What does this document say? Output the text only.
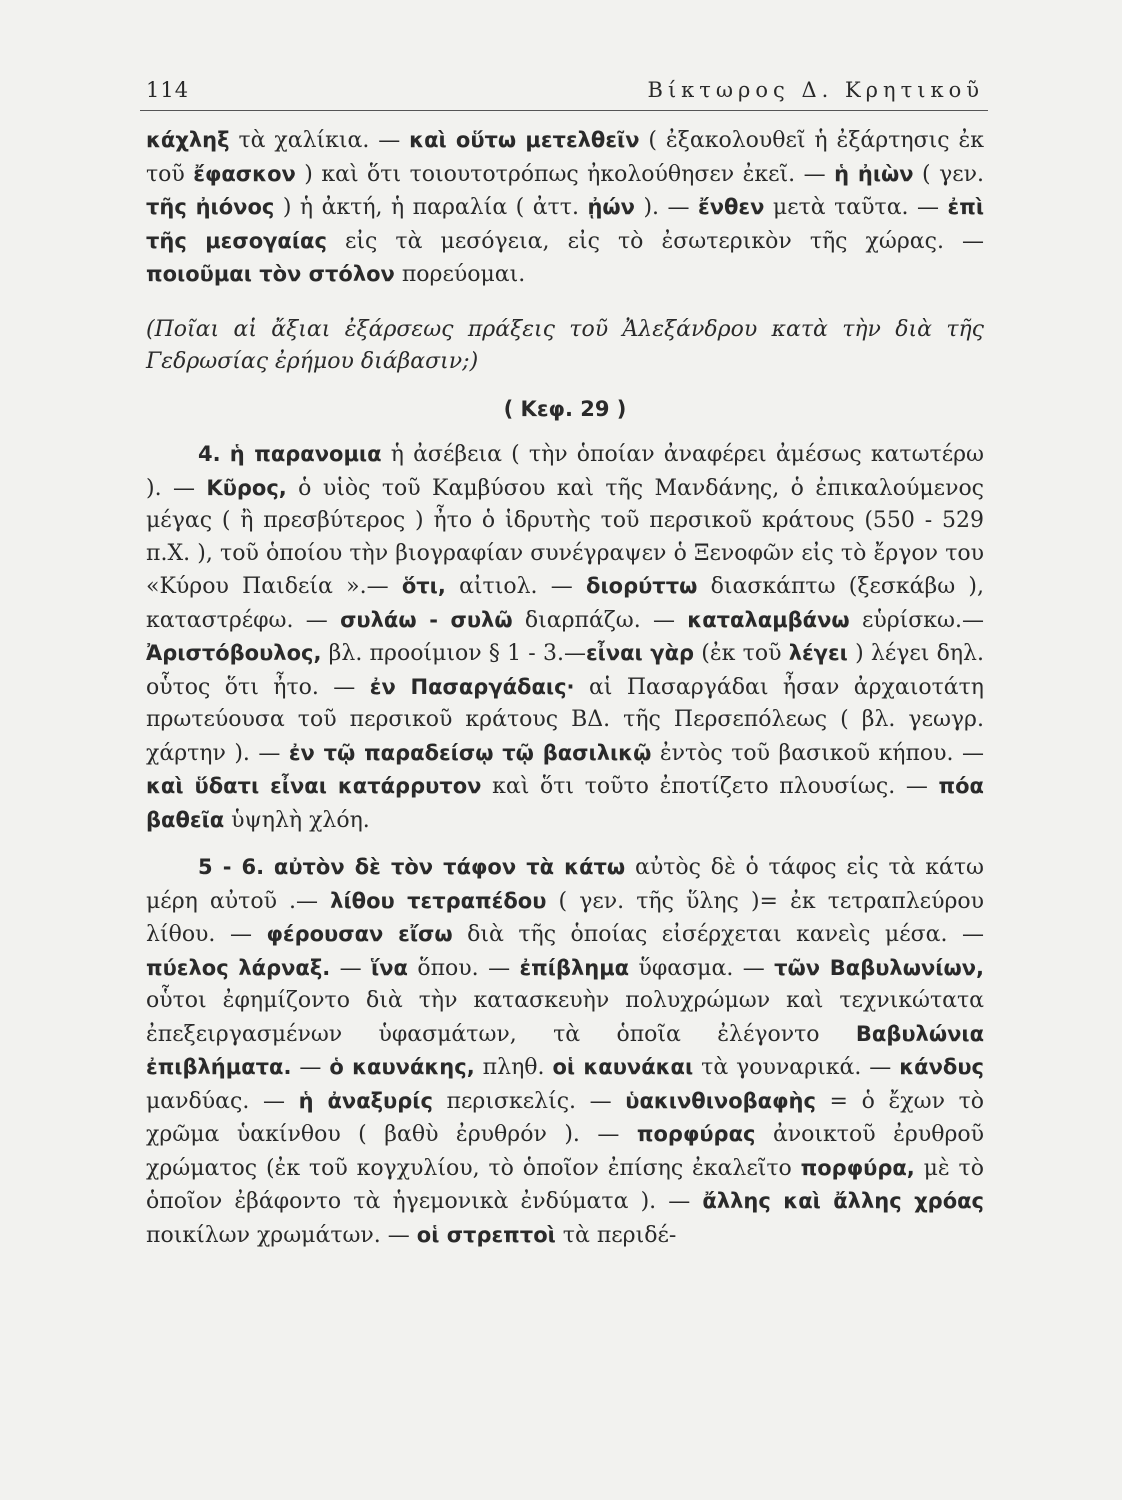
114	Βίκτωρος Δ. Κρητικοῦ

κάχληξ τὰ χαλίκια. — καὶ οὕτω μετελθεῖν ( ἐξακολουθεῖ ἡ ἐξάρτησις ἐκ τοῦ ἔφασκον ) καὶ ὅτι τοιουτοτρόπως ἠκολούθησεν ἐκεῖ. — ἡ ἠιὼν ( γεν. τῆς ἠιόνος ) ἡ ἀκτή, ἡ παραλία ( ἀττ. ᾐών ). — ἔνθεν μετὰ ταῦτα. — ἐπὶ τῆς μεσογαίας εἰς τὰ μεσόγεια, εἰς τὸ ἐσωτερικὸν τῆς χώρας. — ποιοῦμαι τὸν στόλον πορεύομαι.

(Ποῖαι αἱ ἄξιαι ἐξάρσεως πράξεις τοῦ Ἀλεξάνδρου κατὰ τὴν διὰ τῆς Γεδρωσίας ἐρήμου διάβασιν;)

( Κεφ. 29 )

4. ἡ παρανομια ἡ ἀσέβεια ( τὴν ὁποίαν ἀναφέρει ἀμέσως κατωτέρω ). — Κῦρος, ὁ υἱὸς τοῦ Καμβύσου καὶ τῆς Μανδάνης, ὁ ἐπικαλούμενος μέγας ( ἢ πρεσβύτερος ) ἦτο ὁ ἱδρυτὴς τοῦ περσικοῦ κράτους (550 - 529 π.Χ. ), τοῦ ὁποίου τὴν βιογραφίαν συνέγραψεν ὁ Ξενοφῶν εἰς τὸ ἔργον του «Κύρου Παιδεία ».— ὅτι, αἰτιολ. — διορύττω διασκάπτω (ξεσκάβω ), καταστρέφω. — συλάω - συλῶ διαρπάζω. — καταλαμβάνω εὑρίσκω.—Ἀριστόβουλος, βλ. προοίμιον § 1 - 3.—εἶναι γὰρ (ἐκ τοῦ λέγει ) λέγει δηλ. οὗτος ὅτι ἦτο. — ἐν Πασαργάδαις· αἱ Πασαργάδαι ἦσαν ἀρχαιοτάτη πρωτεύουσα τοῦ περσικοῦ κράτους ΒΔ. τῆς Περσεπόλεως ( βλ. γεωγρ. χάρτην ). — ἐν τῷ παραδείσῳ τῷ βασιλικῷ ἐντὸς τοῦ βασικοῦ κήπου. — καὶ ὕδατι εἶναι κατάρρυτον καὶ ὅτι τοῦτο ἐποτίζετο πλουσίως. — πόα βαθεῖα ὑψηλὴ χλόη.

5 - 6. αὐτὸν δὲ τὸν τάφον τὰ κάτω αὐτὸς δὲ ὁ τάφος εἰς τὰ κάτω μέρη αὐτοῦ .— λίθου τετραπέδου ( γεν. τῆς ὕλης )= ἐκ τετραπλεύρου λίθου. — φέρουσαν εἴσω διὰ τῆς ὁποίας εἰσέρχεται κανεὶς μέσα. — πύελος λάρναξ. — ἵνα ὅπου. — ἐπίβλημα ὕφασμα. — τῶν Βαβυλωνίων, οὗτοι ἐφημίζοντο διὰ τὴν κατασκευὴν πολυχρώμων καὶ τεχνικώτατα ἐπεξειργασμένων ὑφασμάτων, τὰ ὁποῖα ἐλέγοντο Βαβυλώνια ἐπιβλήματα. — ὁ καυνάκης, πληθ. οἱ καυνάκαι τὰ γουναρικά. — κάνδυς μανδύας. — ἡ ἀναξυρίς περισκελίς. — ὑακινθινοβαφὴς = ὁ ἔχων τὸ χρῶμα ὑακίνθου ( βαθὺ ἐρυθρόν ). — πορφύρας ἀνοικτοῦ ἐρυθροῦ χρώματος (ἐκ τοῦ κογχυλίου, τὸ ὁποῖον ἐπίσης ἐκαλεῖτο πορφύρα, μὲ τὸ ὁποῖον ἐβάφοντο τὰ ἡγεμονικὰ ἐνδύματα ). — ἄλλης καὶ ἄλλης χρόας ποικίλων χρωμάτων. — οἱ στρεπτοὶ τὰ περιδέ-
